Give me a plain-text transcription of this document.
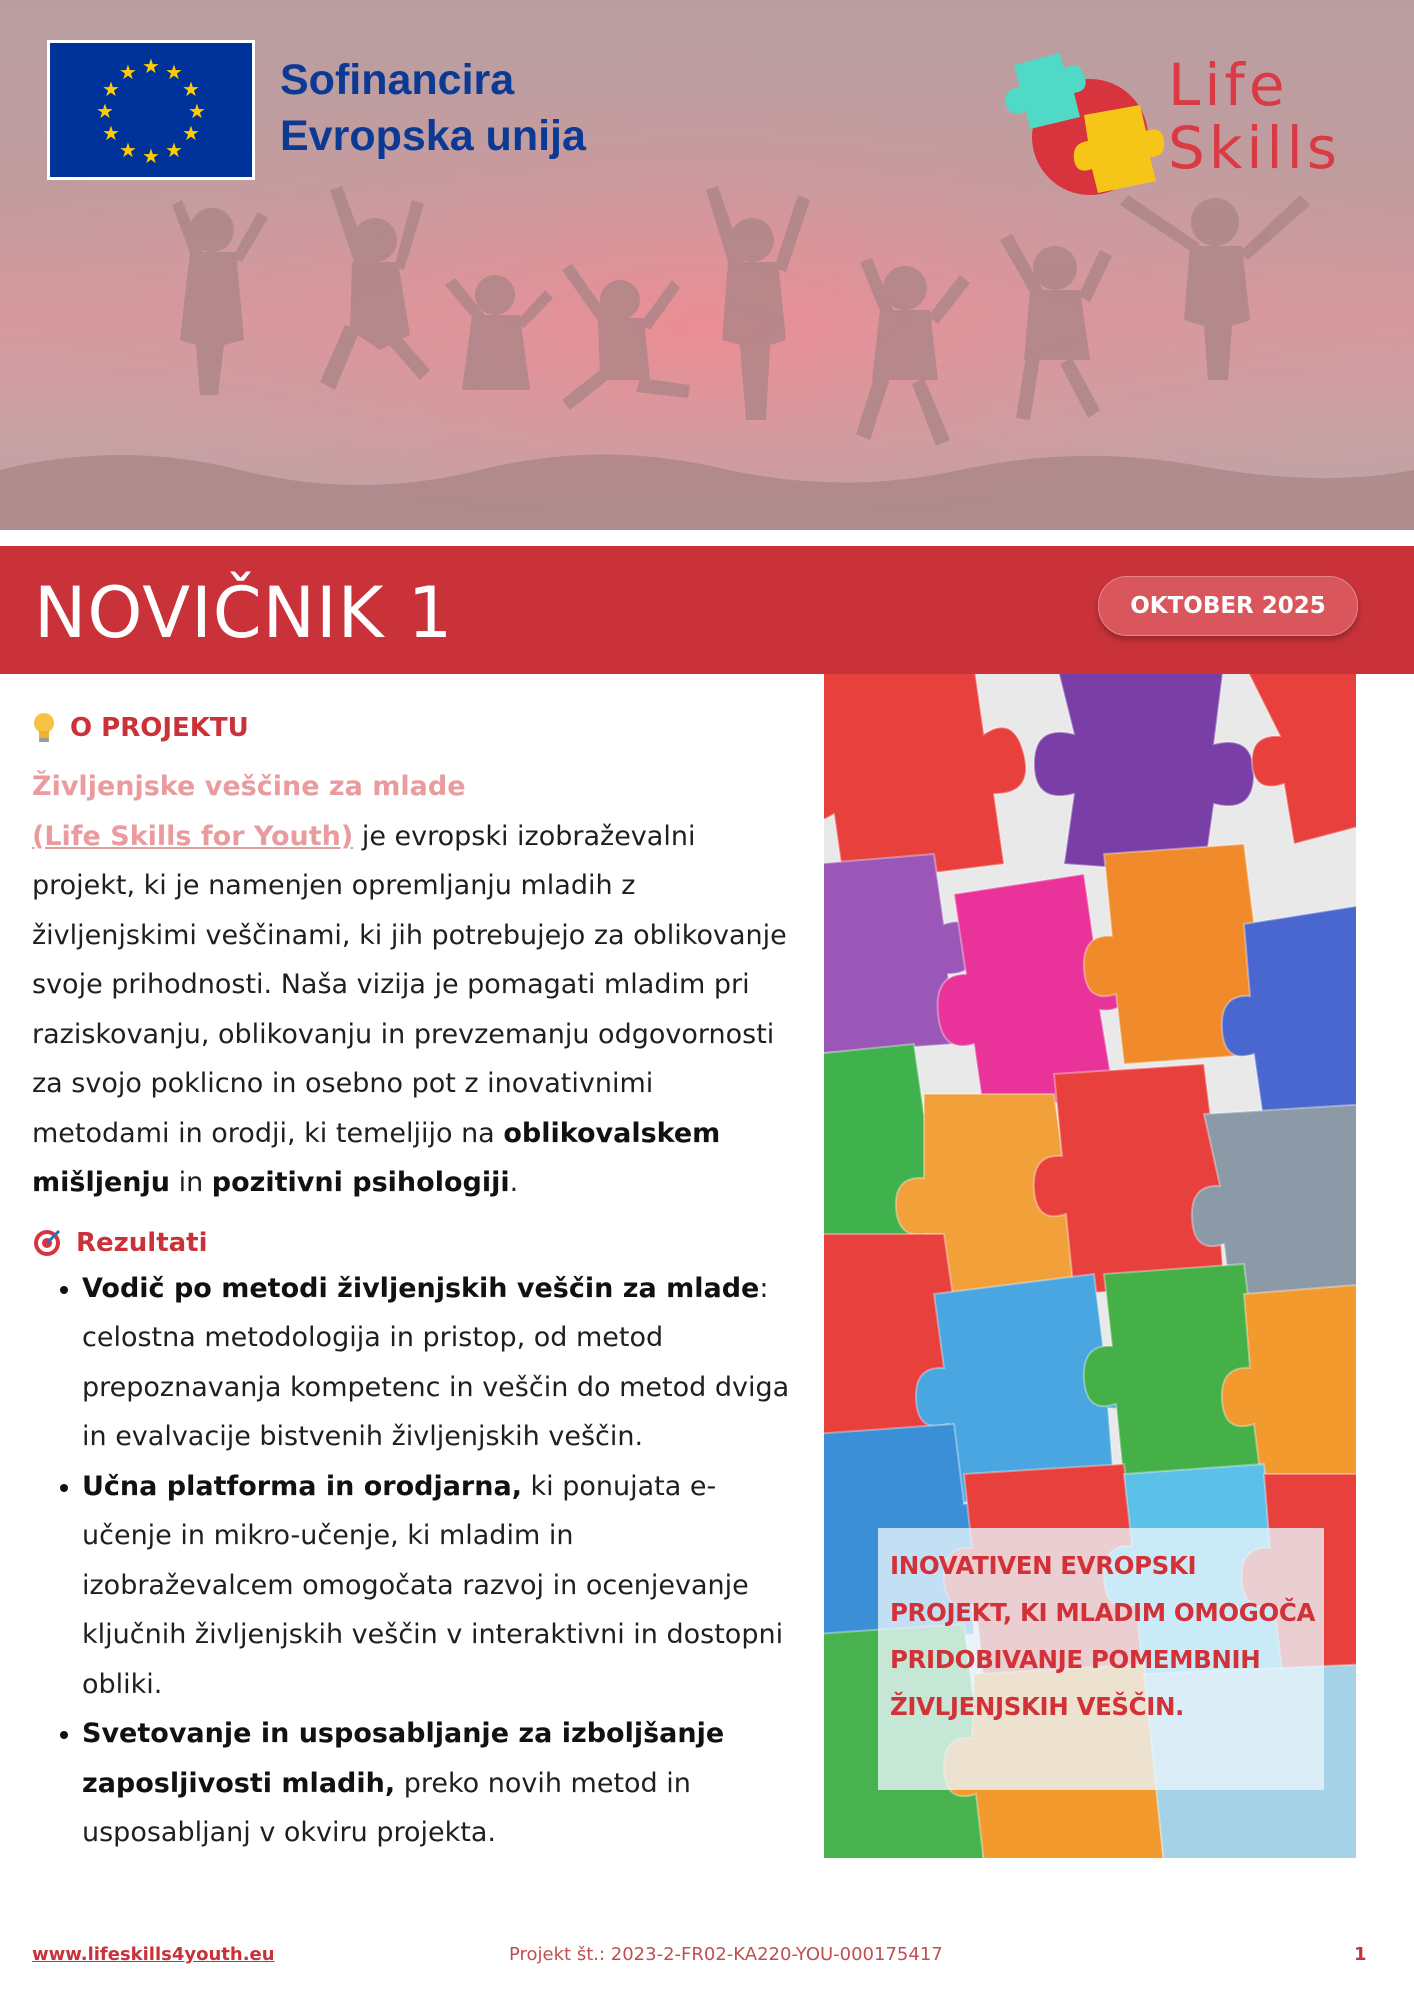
★ ★
★
★
★
★
★
★
★
★
★
★	Sofinancira
Evropska unija
Life
Skills
NOVIČNIK 1	OKTOBER 2025
O PROJEKTU
Življenjske veščine za mlade (Life Skills for Youth) je evropski izobraževalni projekt, ki je namenjen opremljanju mladih z življenjskimi veščinami, ki jih potrebujejo za oblikovanje svoje prihodnosti. Naša vizija je pomagati mladim pri raziskovanju, oblikovanju in prevzemanju odgovornosti za svojo poklicno in osebno pot z inovativnimi metodami in orodji, ki temeljijo na oblikovalskem mišljenju in pozitivni psihologiji.
Rezultati
Vodič po metodi življenjskih veščin za mlade: celostna metodologija in pristop, od metod prepoznavanja kompetenc in veščin do metod dviga in evalvacije bistvenih življenjskih veščin.
Učna platforma in orodjarna, ki ponujata e-učenje in mikro-učenje, ki mladim in izobraževalcem omogočata razvoj in ocenjevanje ključnih življenjskih veščin v interaktivni in dostopni obliki.
Svetovanje in usposabljanje za izboljšanje zaposljivosti mladih, preko novih metod in usposabljanj v okviru projekta.
INOVATIVEN EVROPSKI PROJEKT, KI MLADIM OMOGOČA PRIDOBIVANJE POMEMBNIH ŽIVLJENJSKIH VEŠČIN.
www.lifeskills4youth.eu	Projekt št.: 2023-2-FR02-KA220-YOU-000175417	1
